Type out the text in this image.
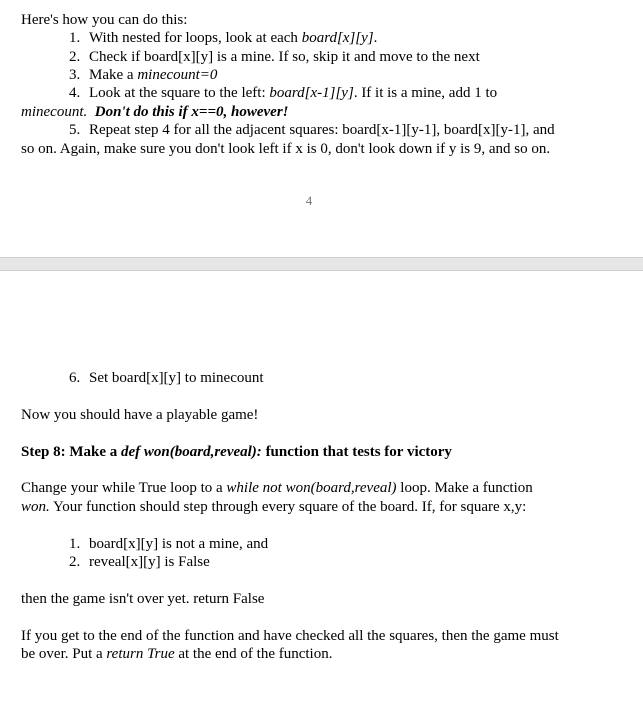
Here's how you can do this:
1. With nested for loops, look at each board[x][y].
2. Check if board[x][y] is a mine. If so, skip it and move to the next
3. Make a minecount=0
4. Look at the square to the left: board[x-1][y]. If it is a mine, add 1 to
minecount. Don't do this if x==0, however!
5. Repeat step 4 for all the adjacent squares: board[x-1][y-1], board[x][y-1], and
so on. Again, make sure you don't look left if x is 0, don't look down if y is 9, and so on.
4
6. Set board[x][y] to minecount
Now you should have a playable game!
Step 8: Make a def won(board,reveal): function that tests for victory
Change your while True loop to a while not won(board,reveal) loop. Make a function
won. Your function should step through every square of the board. If, for square x,y:
1. board[x][y] is not a mine, and
2. reveal[x][y] is False
then the game isn't over yet. return False
If you get to the end of the function and have checked all the squares, then the game must
be over. Put a return True at the end of the function.
